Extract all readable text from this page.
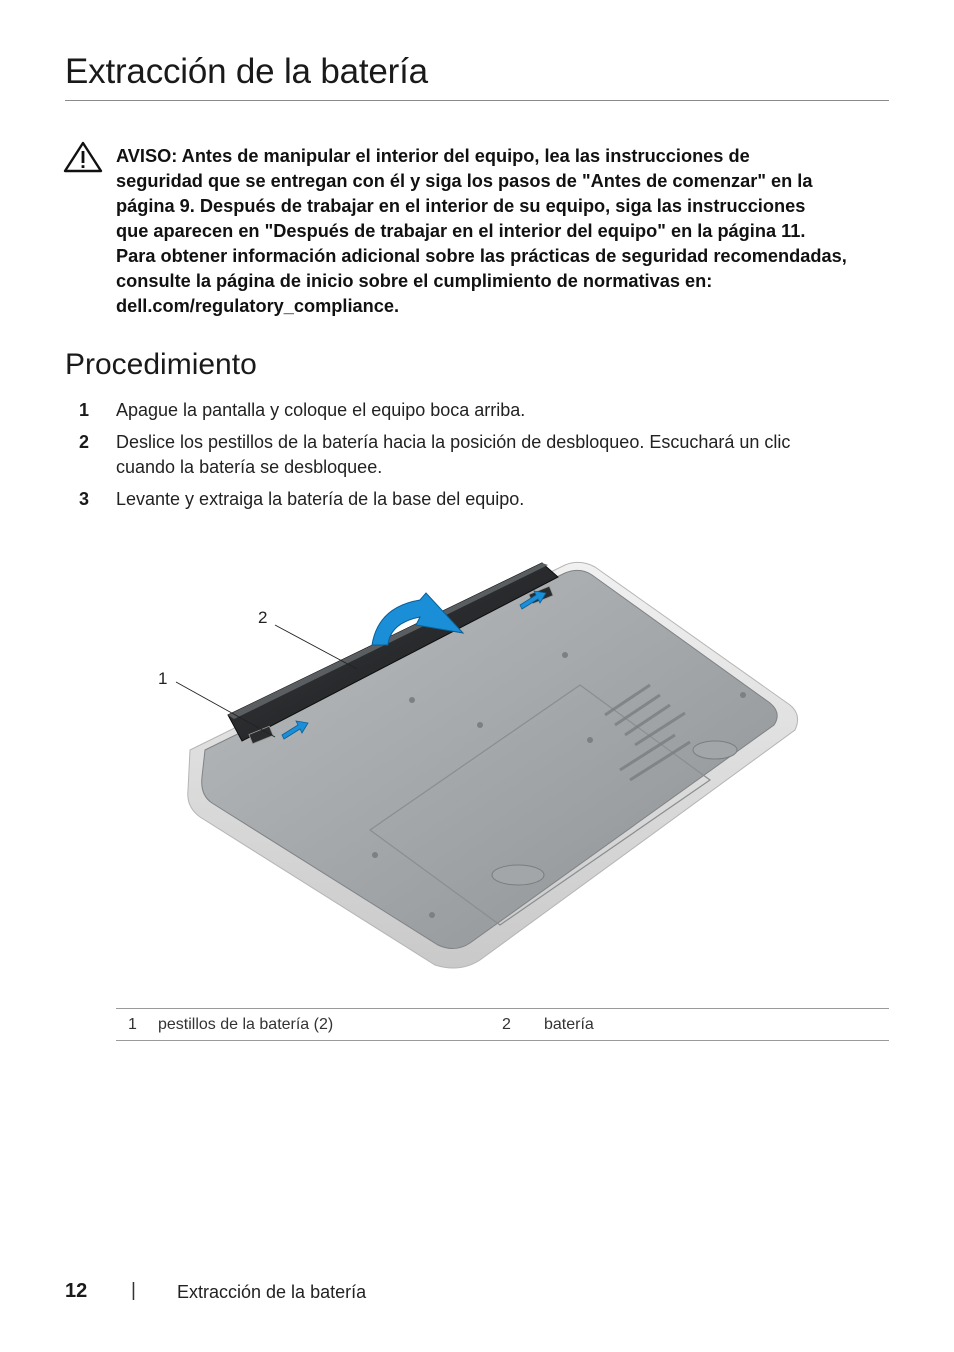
Extracción de la batería
AVISO: Antes de manipular el interior del equipo, lea las instrucciones de
seguridad que se entregan con él y siga los pasos de "Antes de comenzar" en la
página 9. Después de trabajar en el interior de su equipo, siga las instrucciones
que aparecen en "Después de trabajar en el interior del equipo" en la página 11.
Para obtener información adicional sobre las prácticas de seguridad recomendadas,
consulte la página de inicio sobre el cumplimiento de normativas en:
dell.com/regulatory_compliance.
Procedimiento
1 Apague la pantalla y coloque el equipo boca arriba.
2 Deslice los pestillos de la batería hacia la posición de desbloqueo. Escuchará un clic
cuando la batería se desbloquee.
3 Levante y extraiga la batería de la base del equipo.
1
2
1	pestillos de la batería (2)	2	batería
12 | Extracción de la batería
